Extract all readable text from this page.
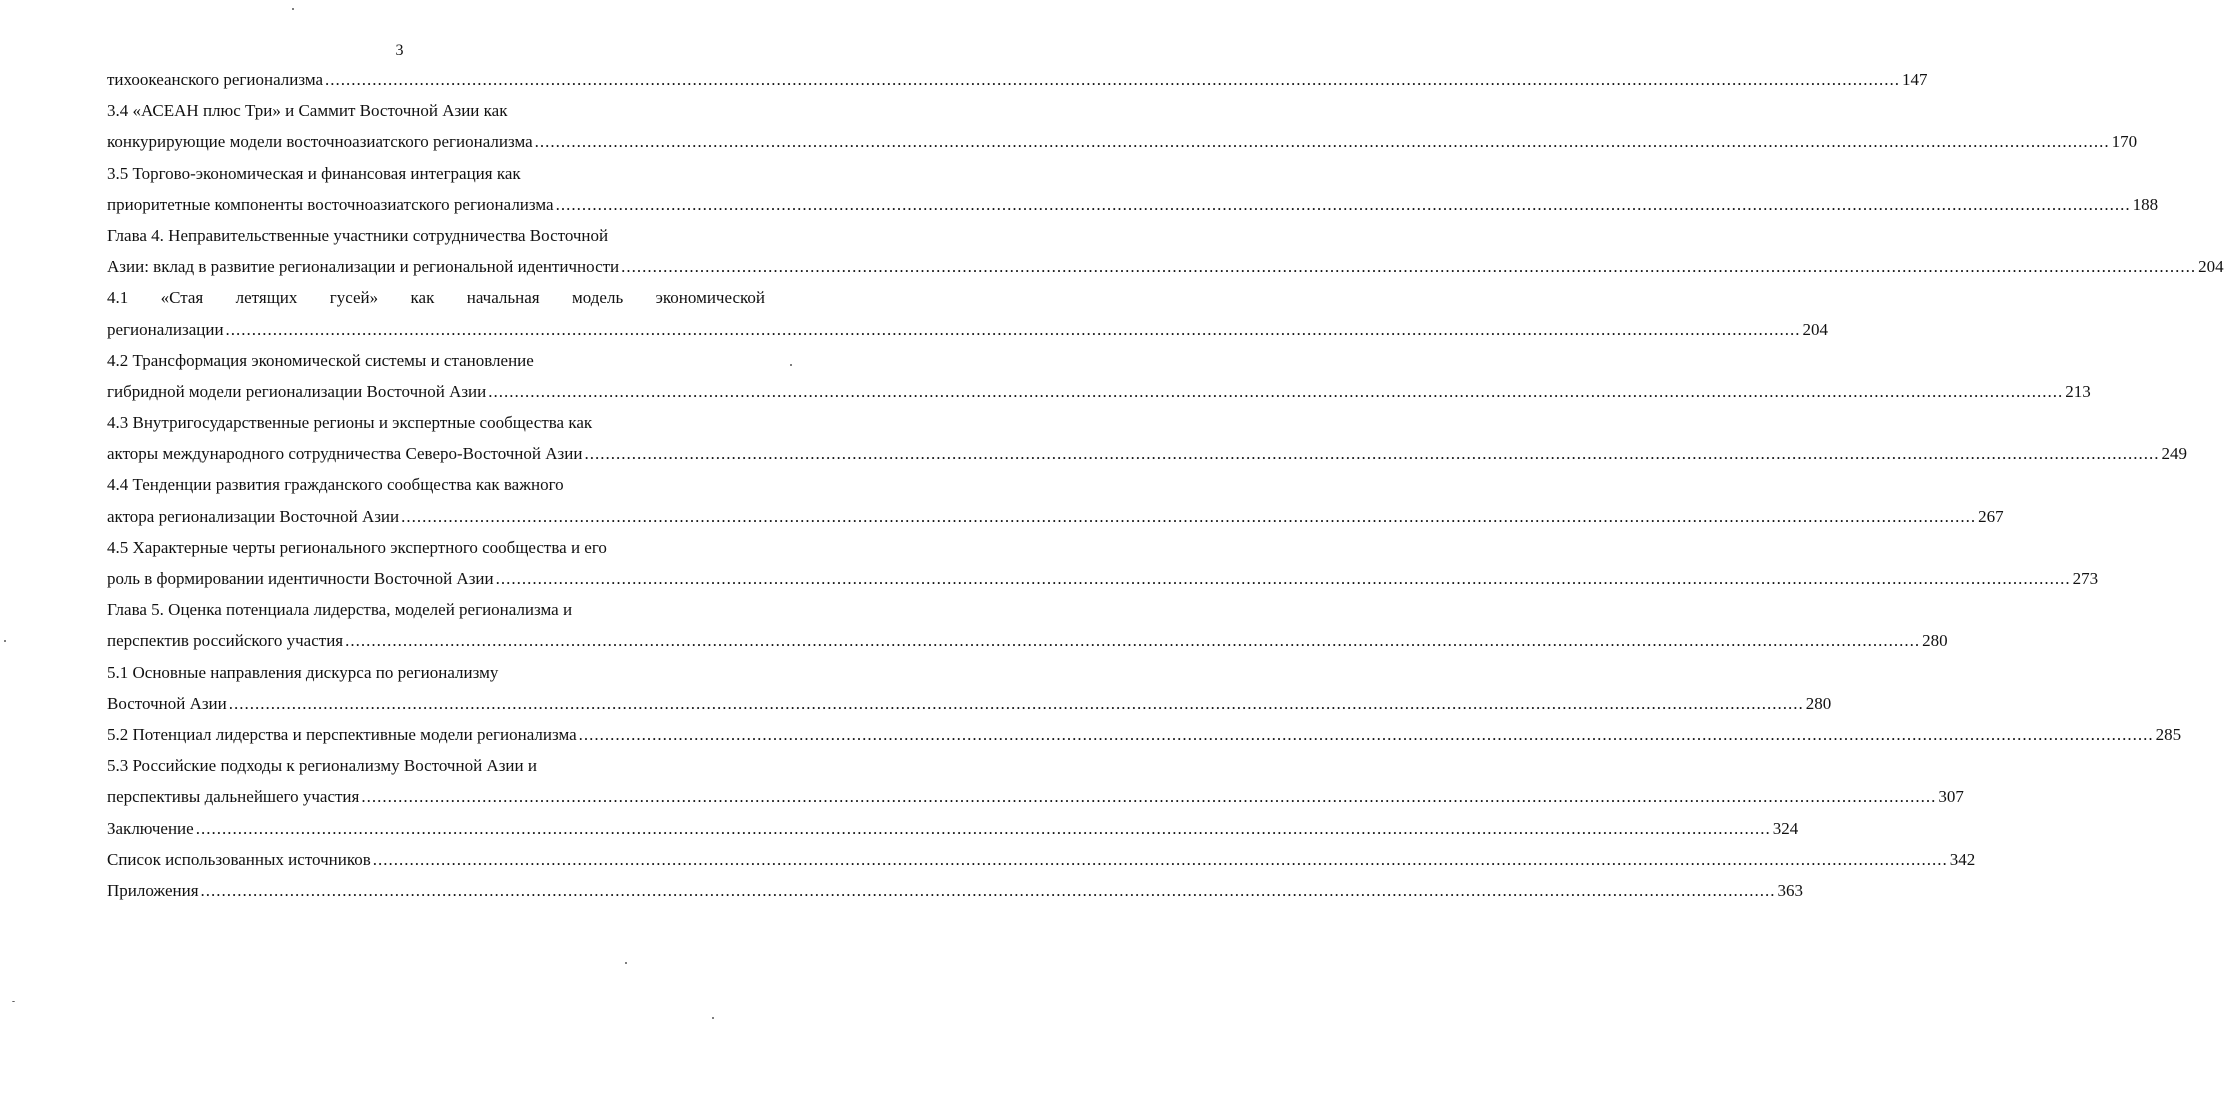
3
тихоокеанского регионализма ............................................................................................................................................................................................................................................................................................................ 147
3.4 «АСЕАН плюс Три» и Саммит Восточной Азии как
конкурирующие модели восточноазиатского регионализма ............................................................................................................................................................................................................................................................................................................ 170
3.5 Торгово-экономическая и финансовая интеграция как
приоритетные компоненты восточноазиатского регионализма ............................................................................................................................................................................................................................................................................................................ 188
Глава 4. Неправительственные участники сотрудничества Восточной
Азии: вклад в развитие регионализации и региональной идентичности ............................................................................................................................................................................................................................................................................................................ 204
4.1 «Стая летящих гусей» как начальная модель экономической
регионализации ............................................................................................................................................................................................................................................................................................................ 204
4.2 Трансформация экономической системы и становление
гибридной модели регионализации Восточной Азии ............................................................................................................................................................................................................................................................................................................ 213
4.3 Внутригосударственные регионы и экспертные сообщества как
акторы международного сотрудничества Северо-Восточной Азии ............................................................................................................................................................................................................................................................................................................ 249
4.4 Тенденции развития гражданского сообщества как важного
актора регионализации Восточной Азии ............................................................................................................................................................................................................................................................................................................ 267
4.5 Характерные черты регионального экспертного сообщества и его
роль в формировании идентичности Восточной Азии ............................................................................................................................................................................................................................................................................................................ 273
Глава 5. Оценка потенциала лидерства, моделей регионализма и
перспектив российского участия ............................................................................................................................................................................................................................................................................................................ 280
5.1 Основные направления дискурса по регионализму
Восточной Азии ............................................................................................................................................................................................................................................................................................................ 280
5.2 Потенциал лидерства и перспективные модели регионализма ............................................................................................................................................................................................................................................................................................................ 285
5.3 Российские подходы к регионализму Восточной Азии и
перспективы дальнейшего участия ............................................................................................................................................................................................................................................................................................................ 307
Заключение ............................................................................................................................................................................................................................................................................................................ 324
Список использованных источников ............................................................................................................................................................................................................................................................................................................ 342
Приложения ............................................................................................................................................................................................................................................................................................................ 363
